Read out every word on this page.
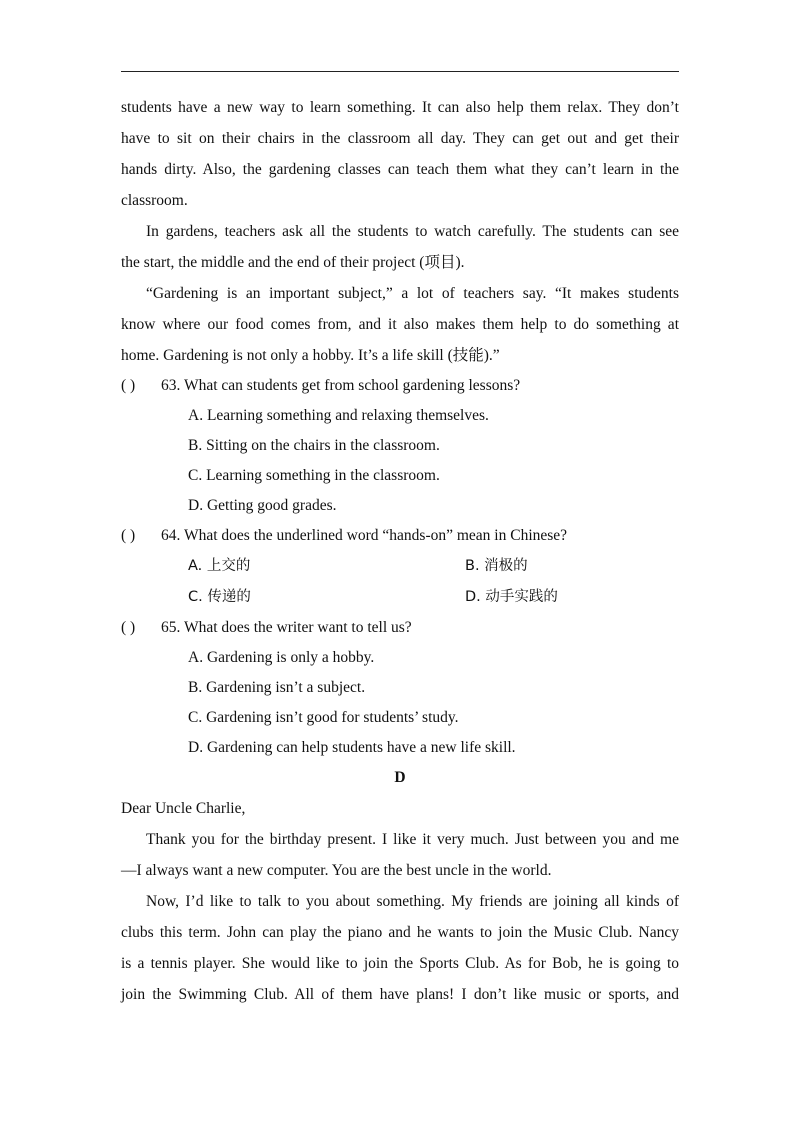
students have a new way to learn something. It can also help them relax. They don’t
have to sit on their chairs in the classroom all day. They can get out and get their
hands dirty. Also, the gardening classes can teach them what they can’t learn in the
classroom.
In gardens, teachers ask all the students to watch carefully. The students can see
the start, the middle and the end of their project (项目).
“Gardening is an important subject,” a lot of teachers say. “It makes students
know where our food comes from, and it also makes them help to do something at
home. Gardening is not only a hobby. It’s a life skill (技能).”
( ) 63. What can students get from school gardening lessons?
A. Learning something and relaxing themselves.
B. Sitting on the chairs in the classroom.
C. Learning something in the classroom.
D. Getting good grades.
( ) 64. What does the underlined word “hands-on” mean in Chinese?
A. 上交的	B. 消极的
C. 传递的	D. 动手实践的
( ) 65. What does the writer want to tell us?
A. Gardening is only a hobby.
B. Gardening isn’t a subject.
C. Gardening isn’t good for students’ study.
D. Gardening can help students have a new life skill.
D
Dear Uncle Charlie,
Thank you for the birthday present. I like it very much. Just between you and me
—I always want a new computer. You are the best uncle in the world.
Now, I’d like to talk to you about something. My friends are joining all kinds of
clubs this term. John can play the piano and he wants to join the Music Club. Nancy
is a tennis player. She would like to join the Sports Club. As for Bob, he is going to
join the Swimming Club. All of them have plans! I don’t like music or sports, and
